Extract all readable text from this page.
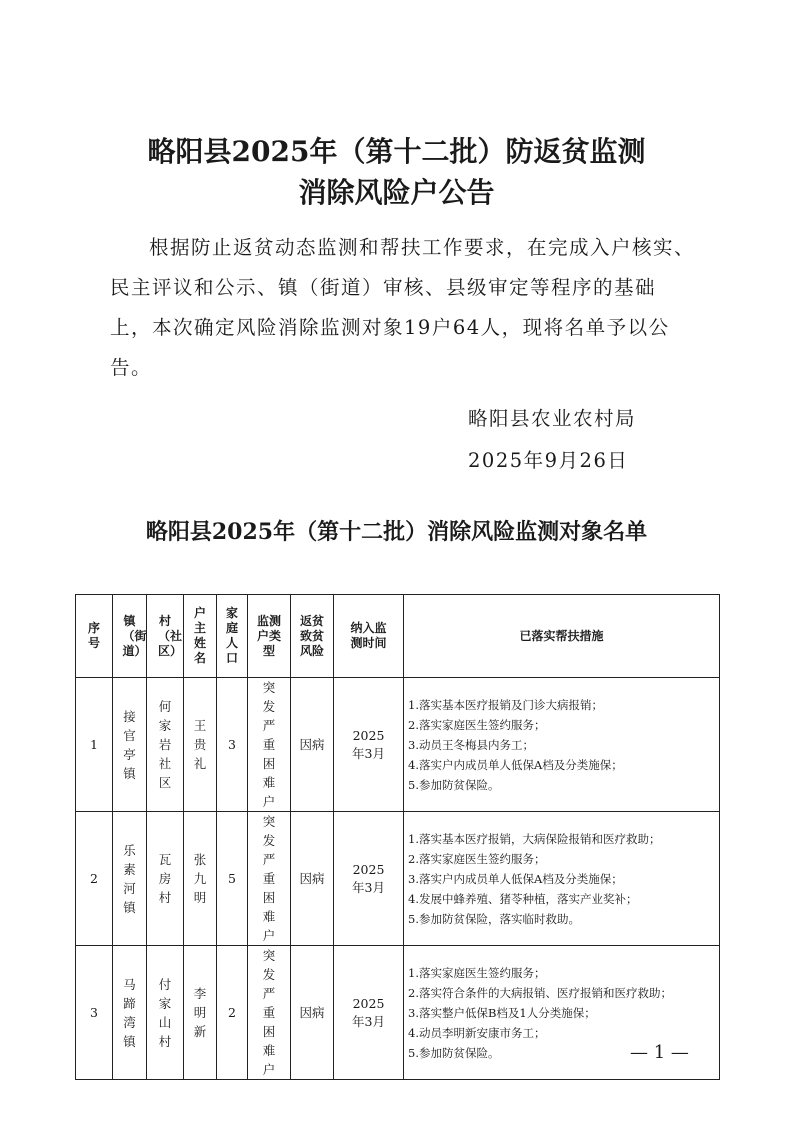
略阳县2025年（第十二批）防返贫监测
消除风险户公告

根据防止返贫动态监测和帮扶工作要求，在完成入户核实、民主评议和公示、镇（街道）审核、县级审定等程序的基础上，本次确定风险消除监测对象19户64人，现将名单予以公告。

略阳县农业农村局

2025年9月26日

略阳县2025年（第十二批）消除风险监测对象名单
序号	镇（街道）	村（社区）	户主姓名	家庭人口	监测户类型	返贫致贫风险	纳入监测时间	已落实帮扶措施
1	接官亭镇	何家岩社区	王贵礼	3	突发严重困难户	因病	2025年3月	1.落实基本医疗报销及门诊大病报销；
2.落实家庭医生签约服务；
3.动员王冬梅县内务工；
4.落实户内成员单人低保A档及分类施保；
5.参加防贫保险。

2	乐素河镇	瓦房村	张九明	5	突发严重困难户	因病	2025年3月	1.落实基本医疗报销，大病保险报销和医疗救助；
2.落实家庭医生签约服务；
3.落实户内成员单人低保A档及分类施保；
4.发展中蜂养殖、猪苓种植，落实产业奖补；
5.参加防贫保险，落实临时救助。

3	马蹄湾镇	付家山村	李明新	2	突发严重困难户	因病	2025年3月	1.落实家庭医生签约服务；
2.落实符合条件的大病报销、医疗报销和医疗救助；
3.落实整户低保B档及1人分类施保；
4.动员李明新安康市务工；
5.参加防贫保险。	— 1 —
